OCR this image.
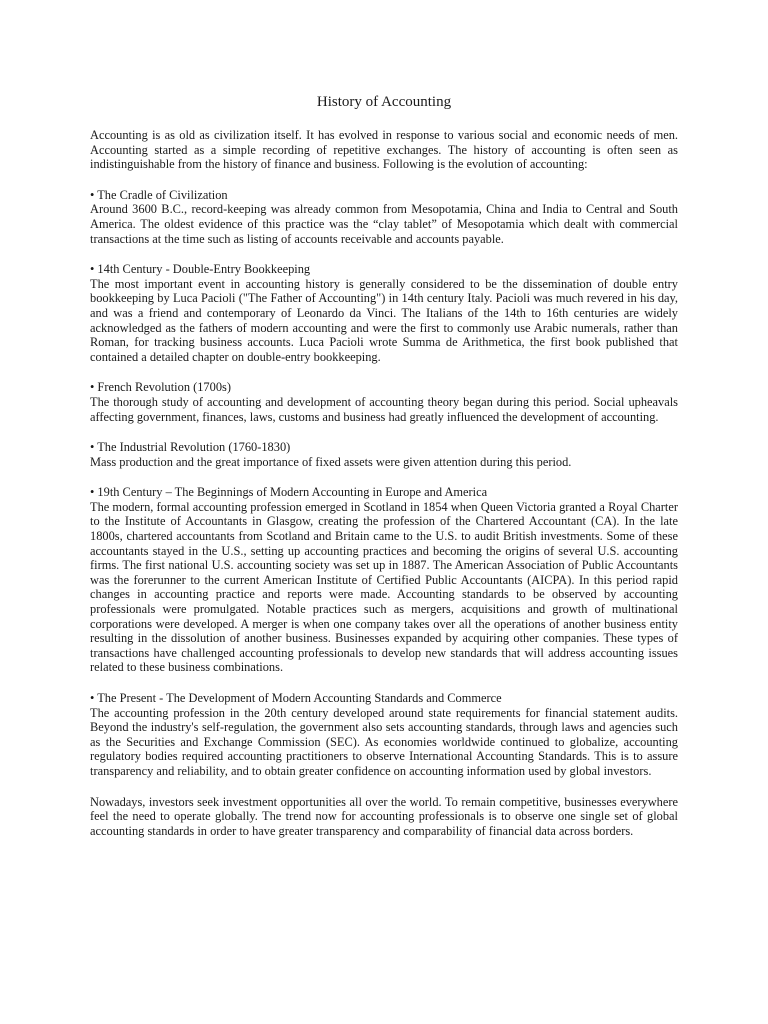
History of Accounting

Accounting is as old as civilization itself. It has evolved in response to various social and economic needs of men. Accounting started as a simple recording of repetitive exchanges. The history of accounting is often seen as indistinguishable from the history of finance and business. Following is the evolution of accounting:

• The Cradle of Civilization

Around 3600 B.C., record-keeping was already common from Mesopotamia, China and India to Central and South America. The oldest evidence of this practice was the “clay tablet” of Mesopotamia which dealt with commercial transactions at the time such as listing of accounts receivable and accounts payable.

• 14th Century - Double-Entry Bookkeeping

The most important event in accounting history is generally considered to be the dissemination of double entry bookkeeping by Luca Pacioli ("The Father of Accounting") in 14th century Italy. Pacioli was much revered in his day, and was a friend and contemporary of Leonardo da Vinci. The Italians of the 14th to 16th centuries are widely acknowledged as the fathers of modern accounting and were the first to commonly use Arabic numerals, rather than Roman, for tracking business accounts. Luca Pacioli wrote Summa de Arithmetica, the first book published that contained a detailed chapter on double-entry bookkeeping.

• French Revolution (1700s)

The thorough study of accounting and development of accounting theory began during this period. Social upheavals affecting government, finances, laws, customs and business had greatly influenced the development of accounting.

• The Industrial Revolution (1760-1830)

Mass production and the great importance of fixed assets were given attention during this period.

• 19th Century – The Beginnings of Modern Accounting in Europe and America

The modern, formal accounting profession emerged in Scotland in 1854 when Queen Victoria granted a Royal Charter to the Institute of Accountants in Glasgow, creating the profession of the Chartered Accountant (CA). In the late 1800s, chartered accountants from Scotland and Britain came to the U.S. to audit British investments. Some of these accountants stayed in the U.S., setting up accounting practices and becoming the origins of several U.S. accounting firms. The first national U.S. accounting society was set up in 1887. The American Association of Public Accountants was the forerunner to the current American Institute of Certified Public Accountants (AICPA). In this period rapid changes in accounting practice and reports were made. Accounting standards to be observed by accounting professionals were promulgated. Notable practices such as mergers, acquisitions and growth of multinational corporations were developed. A merger is when one company takes over all the operations of another business entity resulting in the dissolution of another business. Businesses expanded by acquiring other companies. These types of transactions have challenged accounting professionals to develop new standards that will address accounting issues related to these business combinations.

• The Present - The Development of Modern Accounting Standards and Commerce

The accounting profession in the 20th century developed around state requirements for financial statement audits. Beyond the industry's self-regulation, the government also sets accounting standards, through laws and agencies such as the Securities and Exchange Commission (SEC). As economies worldwide continued to globalize, accounting regulatory bodies required accounting practitioners to observe International Accounting Standards. This is to assure transparency and reliability, and to obtain greater confidence on accounting information used by global investors.

Nowadays, investors seek investment opportunities all over the world. To remain competitive, businesses everywhere feel the need to operate globally. The trend now for accounting professionals is to observe one single set of global accounting standards in order to have greater transparency and comparability of financial data across borders.
